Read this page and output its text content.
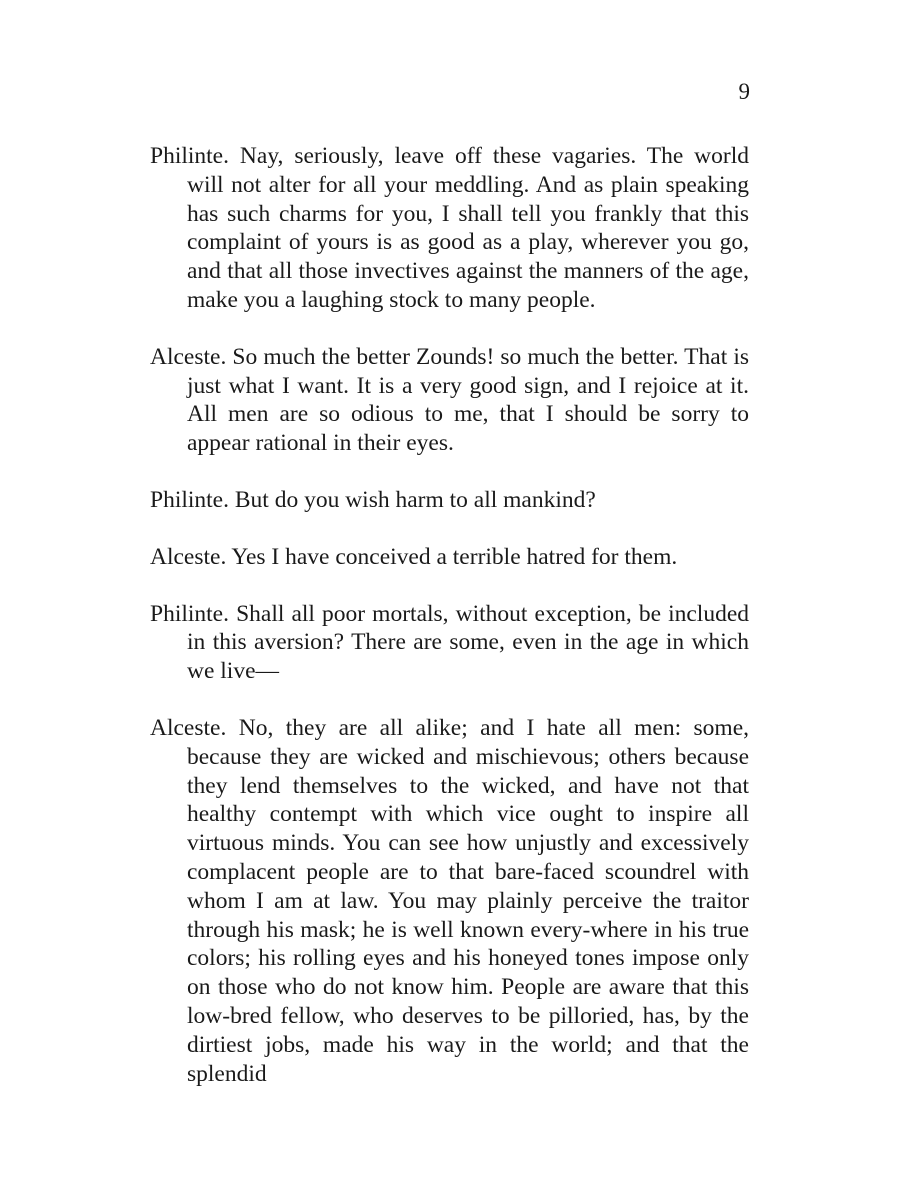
9

Philinte. Nay, seriously, leave off these vagaries. The world will not alter for all your meddling. And as plain speaking has such charms for you, I shall tell you frankly that this complaint of yours is as good as a play, wherever you go, and that all those invectives against the manners of the age, make you a laughing stock to many people.

Alceste. So much the better Zounds! so much the better. That is just what I want. It is a very good sign, and I rejoice at it. All men are so odious to me, that I should be sorry to appear rational in their eyes.

Philinte. But do you wish harm to all mankind?

Alceste. Yes I have conceived a terrible hatred for them.

Philinte. Shall all poor mortals, without exception, be included in this aversion? There are some, even in the age in which we live—

Alceste. No, they are all alike; and I hate all men: some, because they are wicked and mischievous; others because they lend themselves to the wicked, and have not that healthy contempt with which vice ought to inspire all virtuous minds. You can see how unjustly and excessively complacent people are to that bare-faced scoundrel with whom I am at law. You may plainly perceive the traitor through his mask; he is well known every-where in his true colors; his rolling eyes and his honeyed tones impose only on those who do not know him. People are aware that this low-bred fellow, who deserves to be pilloried, has, by the dirtiest jobs, made his way in the world; and that the splendid
